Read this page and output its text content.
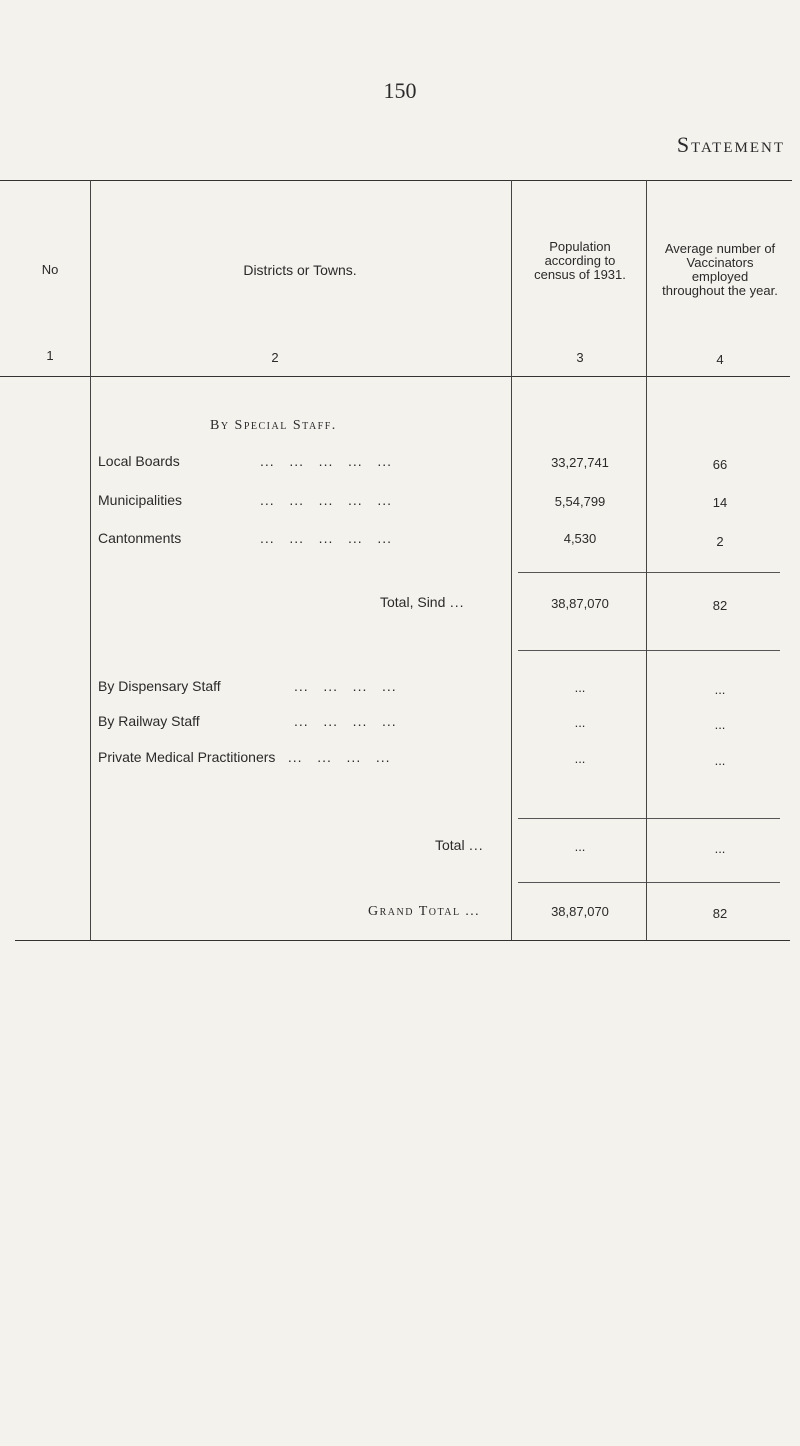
150
Statement
No	Districts or Towns.
Population according to census of 1931.
Average number of Vaccinators employed throughout the year.
1	2	3	4
By Special Staff.
Local Boards	...   ...   ...   ...   ...	33,27,741	66
Municipalities	...   ...   ...   ...   ...	5,54,799	14
Cantonments	...   ...   ...   ...   ...	4,530	2
Total, Sind ...	38,87,070	82
By Dispensary Staff	...   ...   ...   ...	...	...
By Railway Staff	...   ...   ...   ...	...	...
Private Medical Practitioners ...   ...   ...   ...	...	...
Total ...	...	...
Grand Total ...	38,87,070	82
